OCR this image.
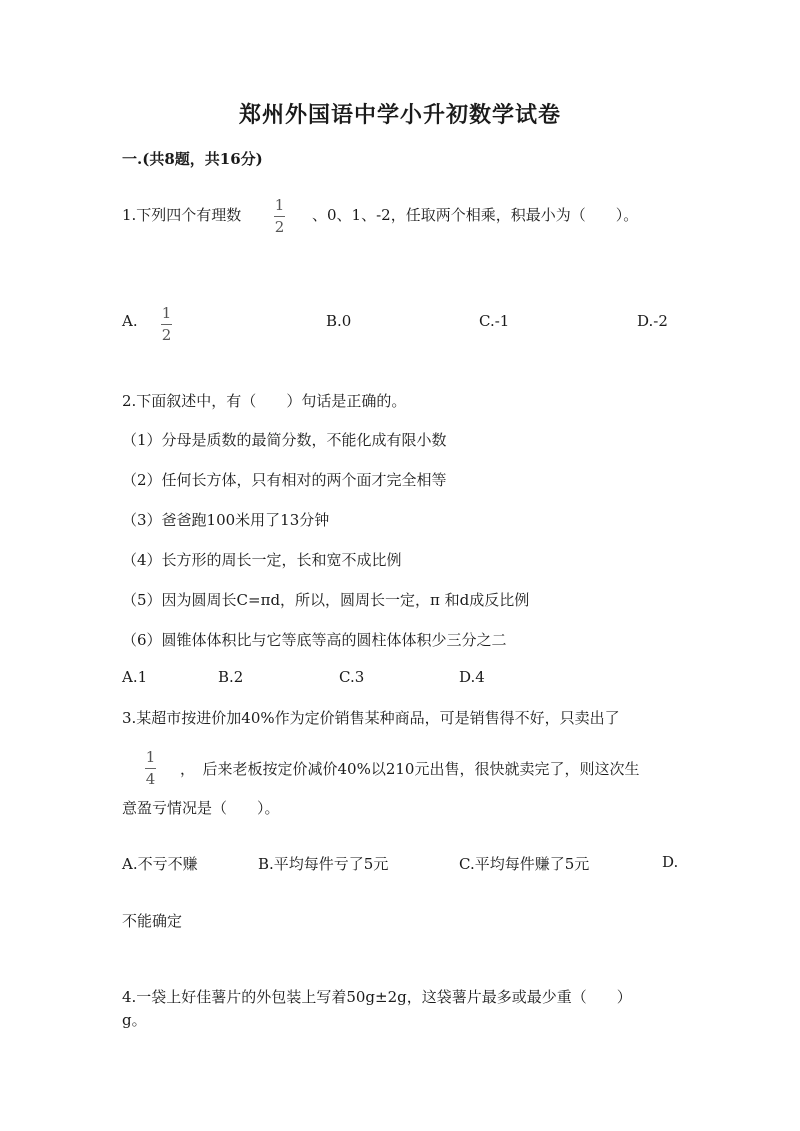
郑州外国语中学小升初数学试卷
一.(共8题，共16分)
1.下列四个有理数
1
2
、0、1、-2，任取两个相乘，积最小为（　　）。
A. 1
2
B.0	C.-1	D.-2
2.下面叙述中，有（　　）句话是正确的。
（1）分母是质数的最简分数，不能化成有限小数
（2）任何长方体，只有相对的两个面才完全相等
（3）爸爸跑100米用了13分钟
（4）长方形的周长一定，长和宽不成比例
（5）因为圆周长C=πd，所以，圆周长一定，π 和d成反比例
（6）圆锥体体积比与它等底等高的圆柱体体积少三分之二
A.1	B.2	C.3	D.4
3.某超市按进价加40%作为定价销售某种商品，可是销售得不好，只卖出了
1
4
，　后来老板按定价减价40%以210元出售，很快就卖完了，则这次生
意盈亏情况是（　　）。
A.不亏不赚	B.平均每件亏了5元	C.平均每件赚了5元	D.
不能确定
4.一袋上好佳薯片的外包装上写着50g±2g，这袋薯片最多或最少重（　　）
g。
